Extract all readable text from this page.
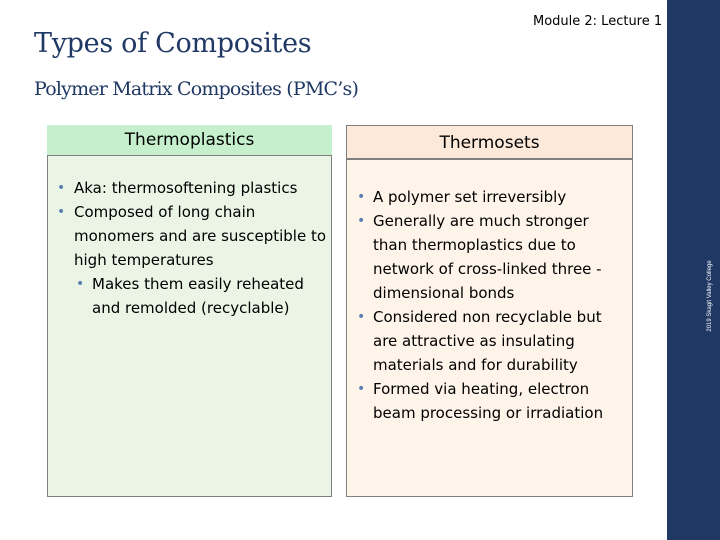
Module 2: Lecture 1
Types of Composites
Polymer Matrix Composites (PMC’s)
2019 Skagit Valley College
Thermoplastics
• Aka: thermosoftening plastics
• Composed of long chain monomers and are susceptible to high temperatures
• Makes them easily reheated and remolded (recyclable)
Thermosets
• A polymer set irreversibly
• Generally are much stronger than thermoplastics due to network of cross-linked three -dimensional bonds
• Considered non recyclable but are attractive as insulating materials and for durability
• Formed via heating, electron beam processing or irradiation
